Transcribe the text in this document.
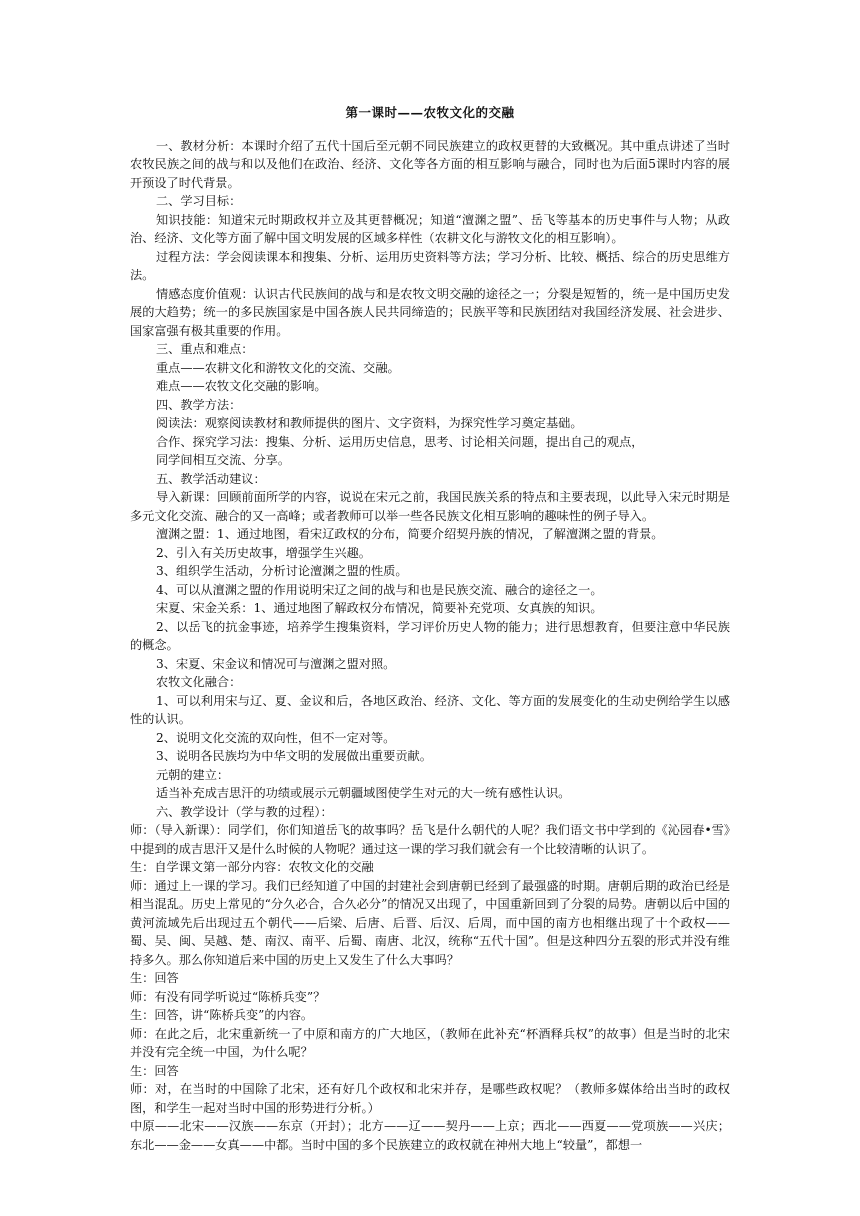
第一课时——农牧文化的交融

一、教材分析：本课时介绍了五代十国后至元朝不同民族建立的政权更替的大致概况。其中重点讲述了当时农牧民族之间的战与和以及他们在政治、经济、文化等各方面的相互影响与融合，同时也为后面5课时内容的展开预设了时代背景。

二、学习目标：

知识技能：知道宋元时期政权并立及其更替概况；知道“澶渊之盟”、岳飞等基本的历史事件与人物；从政治、经济、文化等方面了解中国文明发展的区域多样性（农耕文化与游牧文化的相互影响）。

过程方法：学会阅读课本和搜集、分析、运用历史资料等方法；学习分析、比较、概括、综合的历史思维方法。

情感态度价值观：认识古代民族间的战与和是农牧文明交融的途径之一；分裂是短暂的，统一是中国历史发展的大趋势；统一的多民族国家是中国各族人民共同缔造的；民族平等和民族团结对我国经济发展、社会进步、国家富强有极其重要的作用。

三、重点和难点：

重点——农耕文化和游牧文化的交流、交融。

难点——农牧文化交融的影响。

四、教学方法：

阅读法：观察阅读教材和教师提供的图片、文字资料，为探究性学习奠定基础。

合作、探究学习法：搜集、分析、运用历史信息，思考、讨论相关问题，提出自己的观点，

同学间相互交流、分享。

五、教学活动建议：

导入新课：回顾前面所学的内容，说说在宋元之前，我国民族关系的特点和主要表现，以此导入宋元时期是多元文化交流、融合的又一高峰；或者教师可以举一些各民族文化相互影响的趣味性的例子导入。

澶渊之盟：1、通过地图，看宋辽政权的分布，简要介绍契丹族的情况，了解澶渊之盟的背景。

2、引入有关历史故事，增强学生兴趣。

3、组织学生活动，分析讨论澶渊之盟的性质。

4、可以从澶渊之盟的作用说明宋辽之间的战与和也是民族交流、融合的途径之一。

宋夏、宋金关系：1、通过地图了解政权分布情况，简要补充党项、女真族的知识。

2、以岳飞的抗金事迹，培养学生搜集资料，学习评价历史人物的能力；进行思想教育，但要注意中华民族的概念。

3、宋夏、宋金议和情况可与澶渊之盟对照。

农牧文化融合：

1、可以利用宋与辽、夏、金议和后，各地区政治、经济、文化、等方面的发展变化的生动史例给学生以感性的认识。

2、说明文化交流的双向性，但不一定对等。

3、说明各民族均为中华文明的发展做出重要贡献。

元朝的建立：

适当补充成吉思汗的功绩或展示元朝疆域图使学生对元的大一统有感性认识。

六、教学设计（学与教的过程）：

师：（导入新课）：同学们，你们知道岳飞的故事吗？岳飞是什么朝代的人呢？我们语文书中学到的《沁园春•雪》中提到的成吉思汗又是什么时候的人物呢？通过这一课的学习我们就会有一个比较清晰的认识了。

生：自学课文第一部分内容：农牧文化的交融

师：通过上一课的学习。我们已经知道了中国的封建社会到唐朝已经到了最强盛的时期。唐朝后期的政治已经是相当混乱。历史上常见的“分久必合，合久必分”的情况又出现了，中国重新回到了分裂的局势。唐朝以后中国的黄河流域先后出现过五个朝代——后梁、后唐、后晋、后汉、后周，而中国的南方也相继出现了十个政权——蜀、吴、闽、吴越、楚、南汉、南平、后蜀、南唐、北汉，统称“五代十国”。但是这种四分五裂的形式并没有维持多久。那么你知道后来中国的历史上又发生了什么大事吗？

生：回答

师：有没有同学听说过“陈桥兵变”？

生：回答，讲“陈桥兵变”的内容。

师：在此之后，北宋重新统一了中原和南方的广大地区，（教师在此补充“杯酒释兵权”的故事）但是当时的北宋并没有完全统一中国，为什么呢？

生：回答

师：对，在当时的中国除了北宋，还有好几个政权和北宋并存，是哪些政权呢？（教师多媒体给出当时的政权图，和学生一起对当时中国的形势进行分析。）

中原——北宋——汉族——东京（开封）；北方——辽——契丹——上京；西北——西夏——党项族——兴庆；东北——金——女真——中都。当时中国的多个民族建立的政权就在神州大地上“较量”，都想一
